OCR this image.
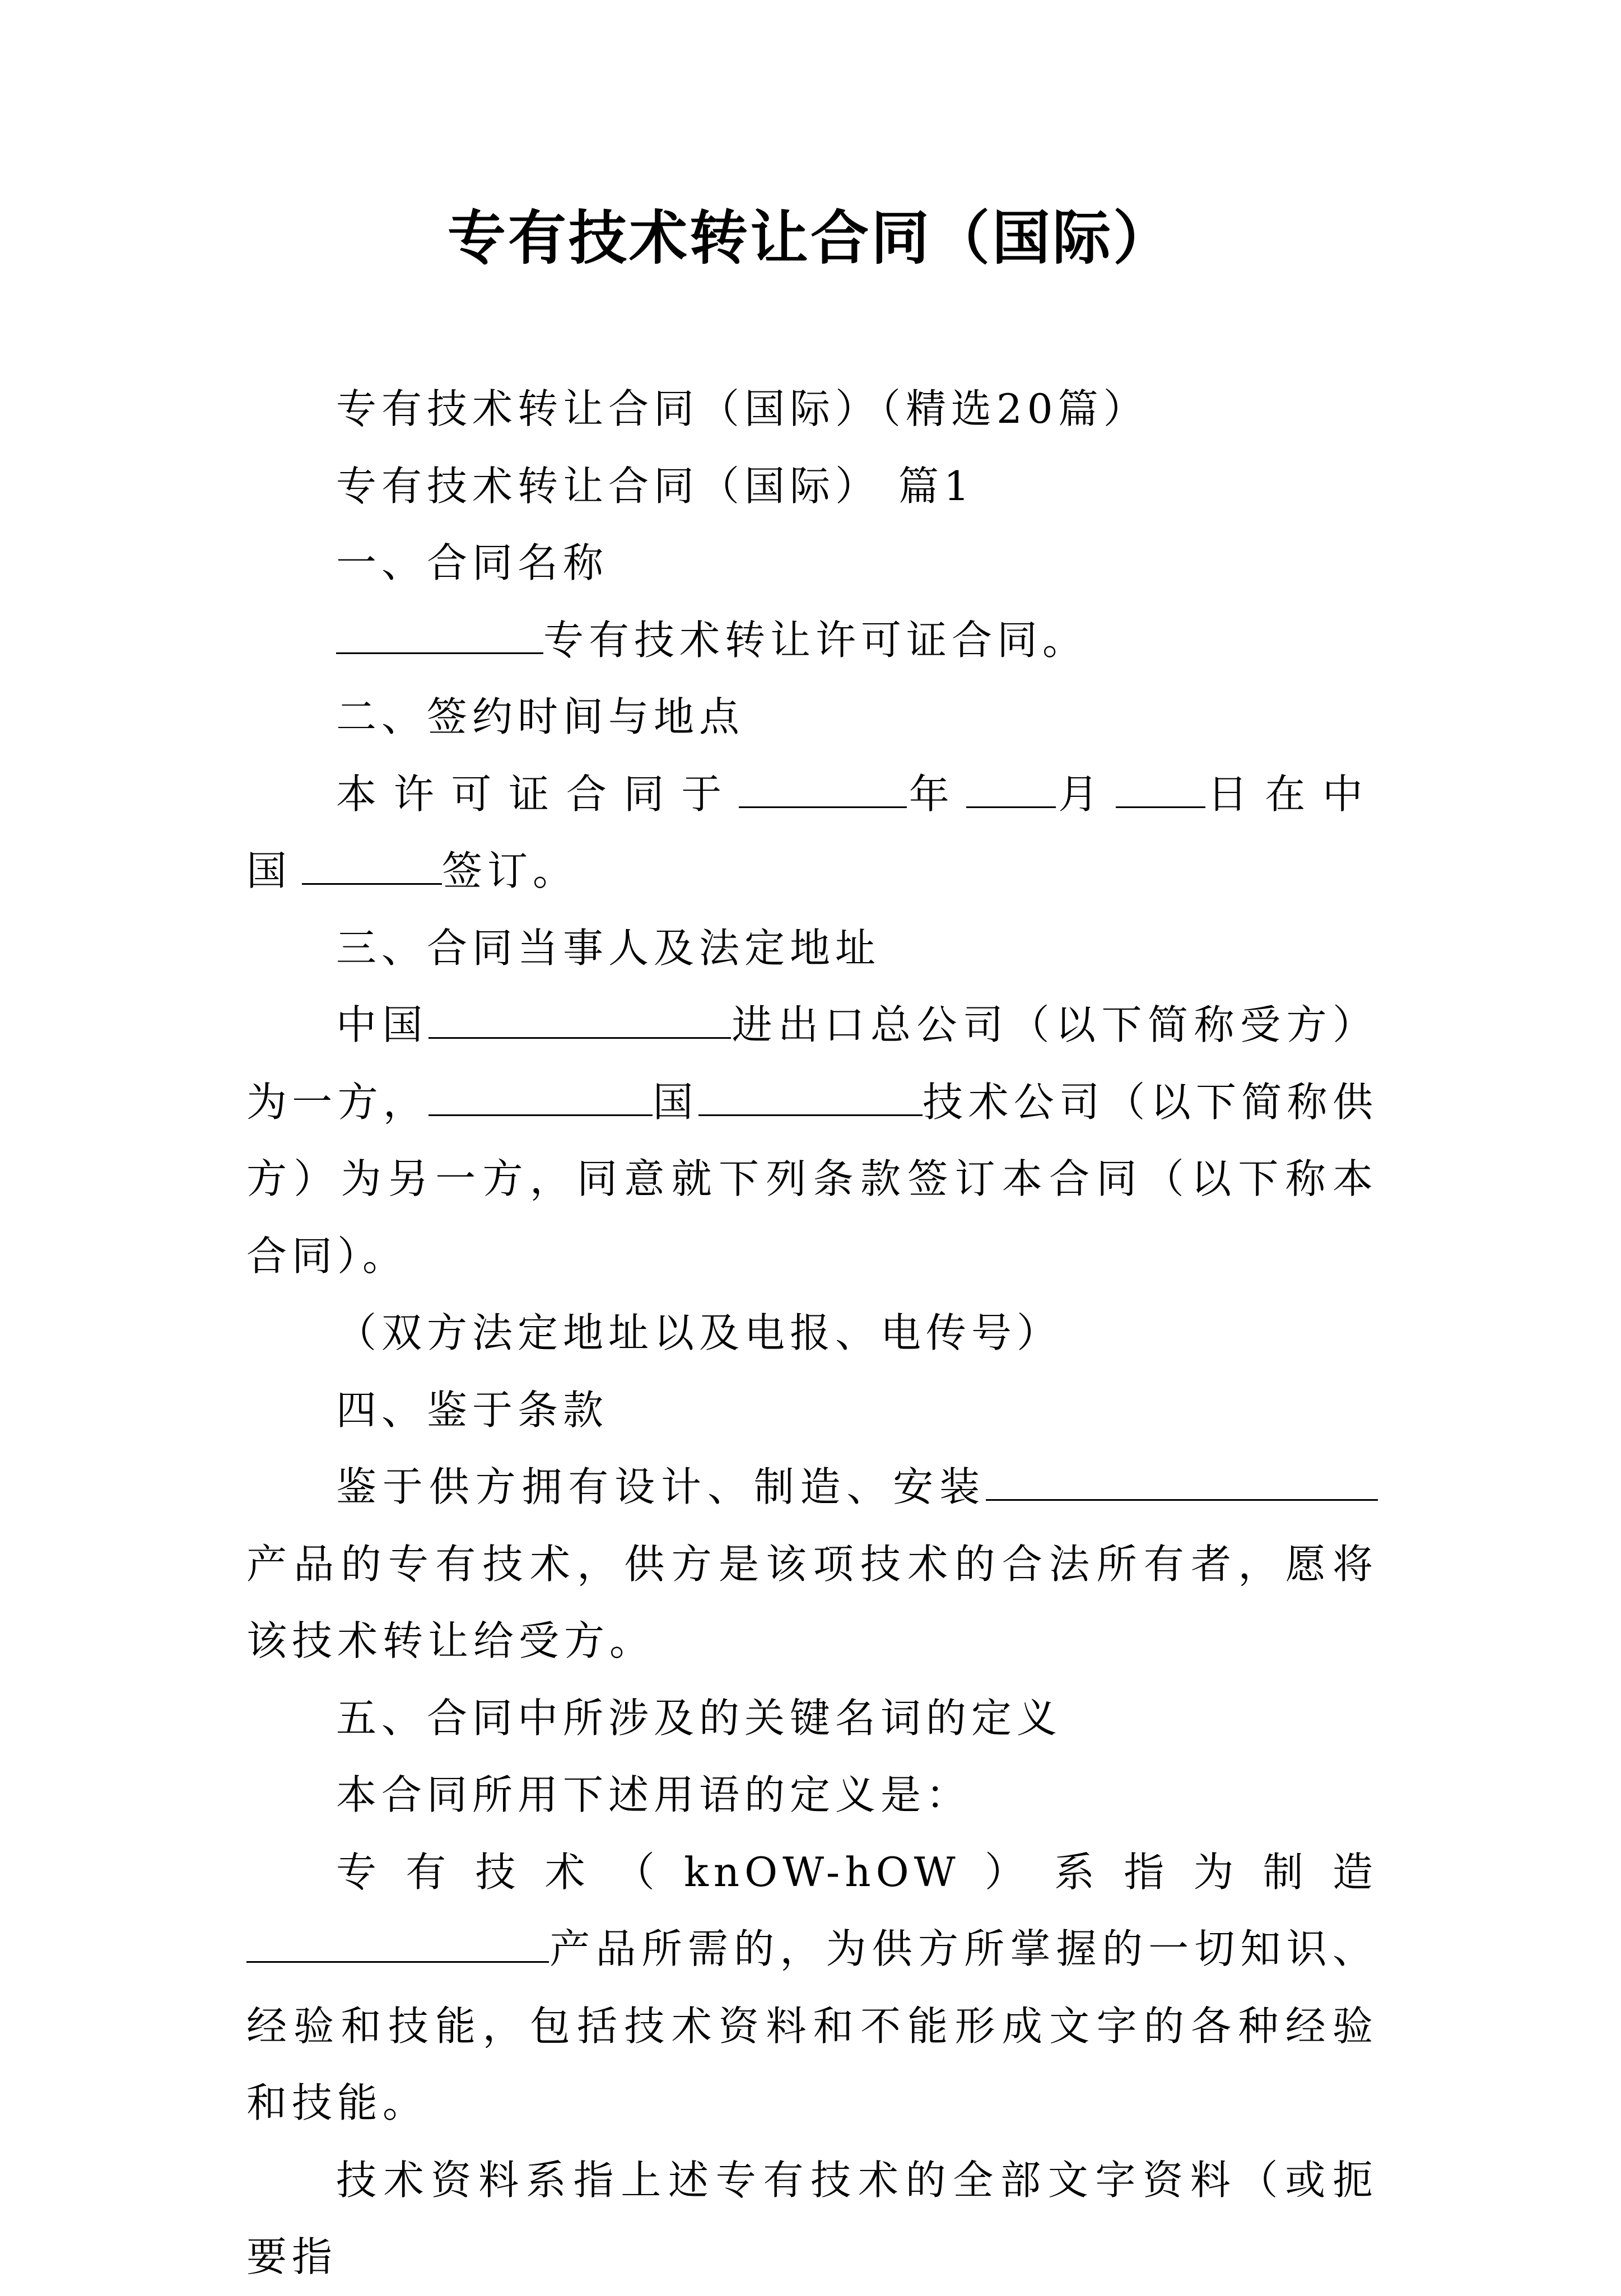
专有技术转让合同（国际）

专有技术转让合同（国际）（精选20篇）

专有技术转让合同（国际） 篇1

一、合同名称

专有技术转让许可证合同。

二、签约时间与地点

本许可证合同于	年 月 日在中国	签订。

三、合同当事人及法定地址

中国	进出口总公司（以下简称受方）为一方，	国	技术公司（以下简称供方）为另一方，同意就下列条款签订本合同（以下称本合同）。

（双方法定地址以及电报、电传号）

四、鉴于条款

鉴于供方拥有设计、制造、安装产品的专有技术，供方是该项技术的合法所有者，愿将该技术转让给受方。

五、合同中所涉及的关键名词的定义

本合同所用下述用语的定义是：

专有技术（knOW-hOW）系指为制造产品所需的，为供方所掌握的一切知识、经验和技能，包括技术资料和不能形成文字的各种经验和技能。

技术资料系指上述专有技术的全部文字资料（或扼要指
